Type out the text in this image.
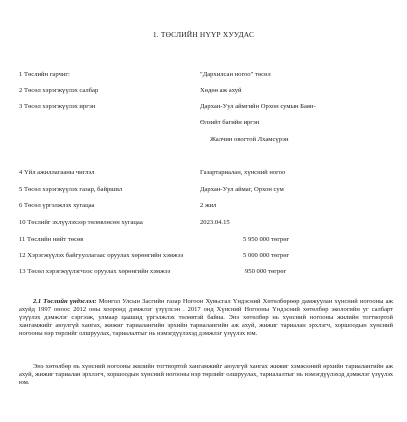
1. ТӨСЛИЙН НҮҮР ХУУДАС
1 Төслийн гарчиг:	"Дархилсан ногоо" төсөл
2 Төсөл хэрэгжүүлэх салбар	Хөдөө аж ахуй
3 Төсөл хэрэгжүүлэх иргэн	Дархан-Уул аймгийн Орхон сумын Баян-
Өлзийт багийн иргэн
Жалчин овогтой Лхамсүрэн
4 Үйл ажиллагааны чиглэл	Газартариалан, хүнсний ногоо
5 Төсөл хэрэгжүүлэх газар, байршил	Дархан-Уул аймаг, Орхон сум
6 Төсөл үргэлжлэх хугацаа	2 жил
10 Төслийг эхлүүлэхээр төлөвлөсөн хугацаа	2023.04.15
11 Төслийн нийт төсөв	5 950 000 төгрөг
12 Хэрэгжүүлэх байгууллагаас оруулах хөрөнгийн хэмжээ	5 000 000 төгрөг
13 Төсөл хэрэгжүүлэгчээс оруулах хөрөнгийн хэмжээ	950 000 төгрөг
2.1 Төслийн үндэслэл: Монгол Улсын Засгийн газар Ногоон Хувьсгал Үндэсний Хөтөлбөрөөр дамжуулан хүнсний ногооны аж ахуйд 1997 оноос 2012 оны хооронд дэмжлэг үзүүлсэн . 2017 онд Хүнсний Ногооны Үндэсний хөтөлбөр экологийн уг салбарт үзүүлэх дэмжлэг сэргээж, улмаар цаашид үргэлжлэх төлөвтэй байна. Энэ хөтөлбөр нь хүнсний ногооны жилийн тогтвортой хангамжийг аюулгүй хангах, жижиг тариалангийн эрхийн тариалангийн аж ахуй, жижиг тариалан эрхлэгч, хоршоодын хүнсний ногооны нэр төрлийг олшруулах, тариалалтыг нь нэмэгдүүлэхэд дэмжлэг үзүүлэх юм.
Энэ хөтөлбөр нь хүнсний ногооны жилийн тогтвортой хангамжийг аюулгүй хангах жижиг хэмжээний өрхийн тариалангийн аж ахуй, жижиг тариалан эрхлэгч, хоршоодын хүнсний ногооны нэр төрлийг олшруулах, тариалалтыг нь нэмэгдүүлэхэд дэмжлэг үзүүлэх юм.
